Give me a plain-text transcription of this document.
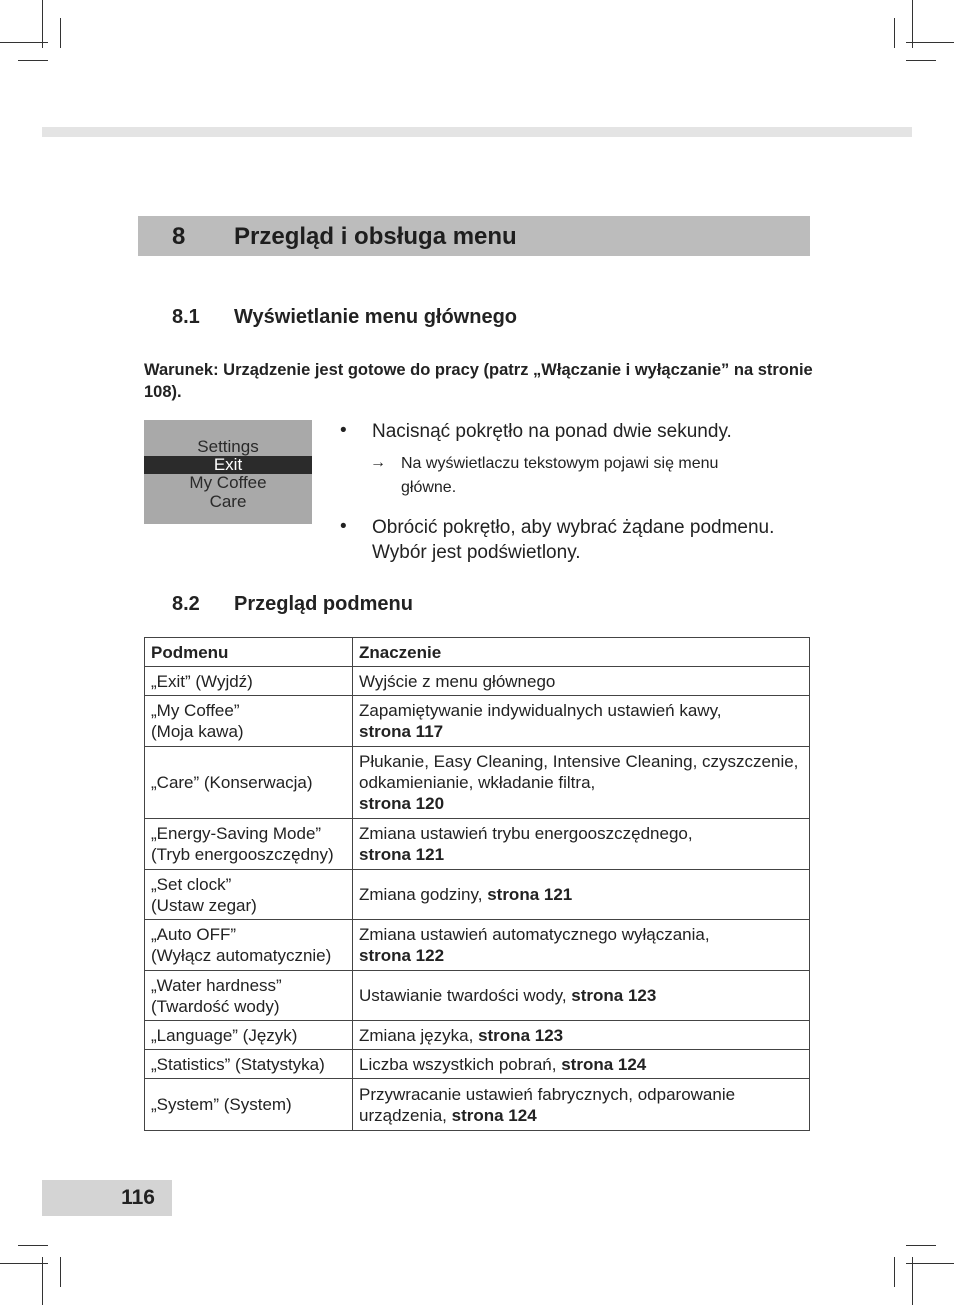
8 Przegląd i obsługa menu
8.1 Wyświetlanie menu głównego
Warunek: Urządzenie jest gotowe do pracy (patrz „Włączanie i wyłączanie” na stronie 108).
Settings
Exit
My Coffee
Care
• Nacisnąć pokrętło na ponad dwie sekundy.
→ Na wyświetlaczu tekstowym pojawi się menu główne.
• Obrócić pokrętło, aby wybrać żądane podmenu. Wybór jest podświetlony.
8.2 Przegląd podmenu
Podmenu	Znaczenie
„Exit” (Wyjdź)	Wyjście z menu głównego
„My Coffee”
(Moja kawa)	Zapamiętywanie indywidualnych ustawień kawy,
strona 117
„Care” (Konserwacja)	Płukanie, Easy Cleaning, Intensive Cleaning, czyszczenie, odkamienianie, wkładanie filtra,
strona 120
„Energy-Saving Mode”
(Tryb energooszczędny)	Zmiana ustawień trybu energooszczędnego,
strona 121
„Set clock”
(Ustaw zegar)	Zmiana godziny, strona 121
„Auto OFF”
(Wyłącz automatycznie)	Zmiana ustawień automatycznego wyłączania,
strona 122
„Water hardness”
(Twardość wody)	Ustawianie twardości wody, strona 123
„Language” (Język)	Zmiana języka, strona 123
„Statistics” (Statystyka)	Liczba wszystkich pobrań, strona 124
„System” (System)	Przywracanie ustawień fabrycznych, odparowanie urządzenia, strona 124
116
